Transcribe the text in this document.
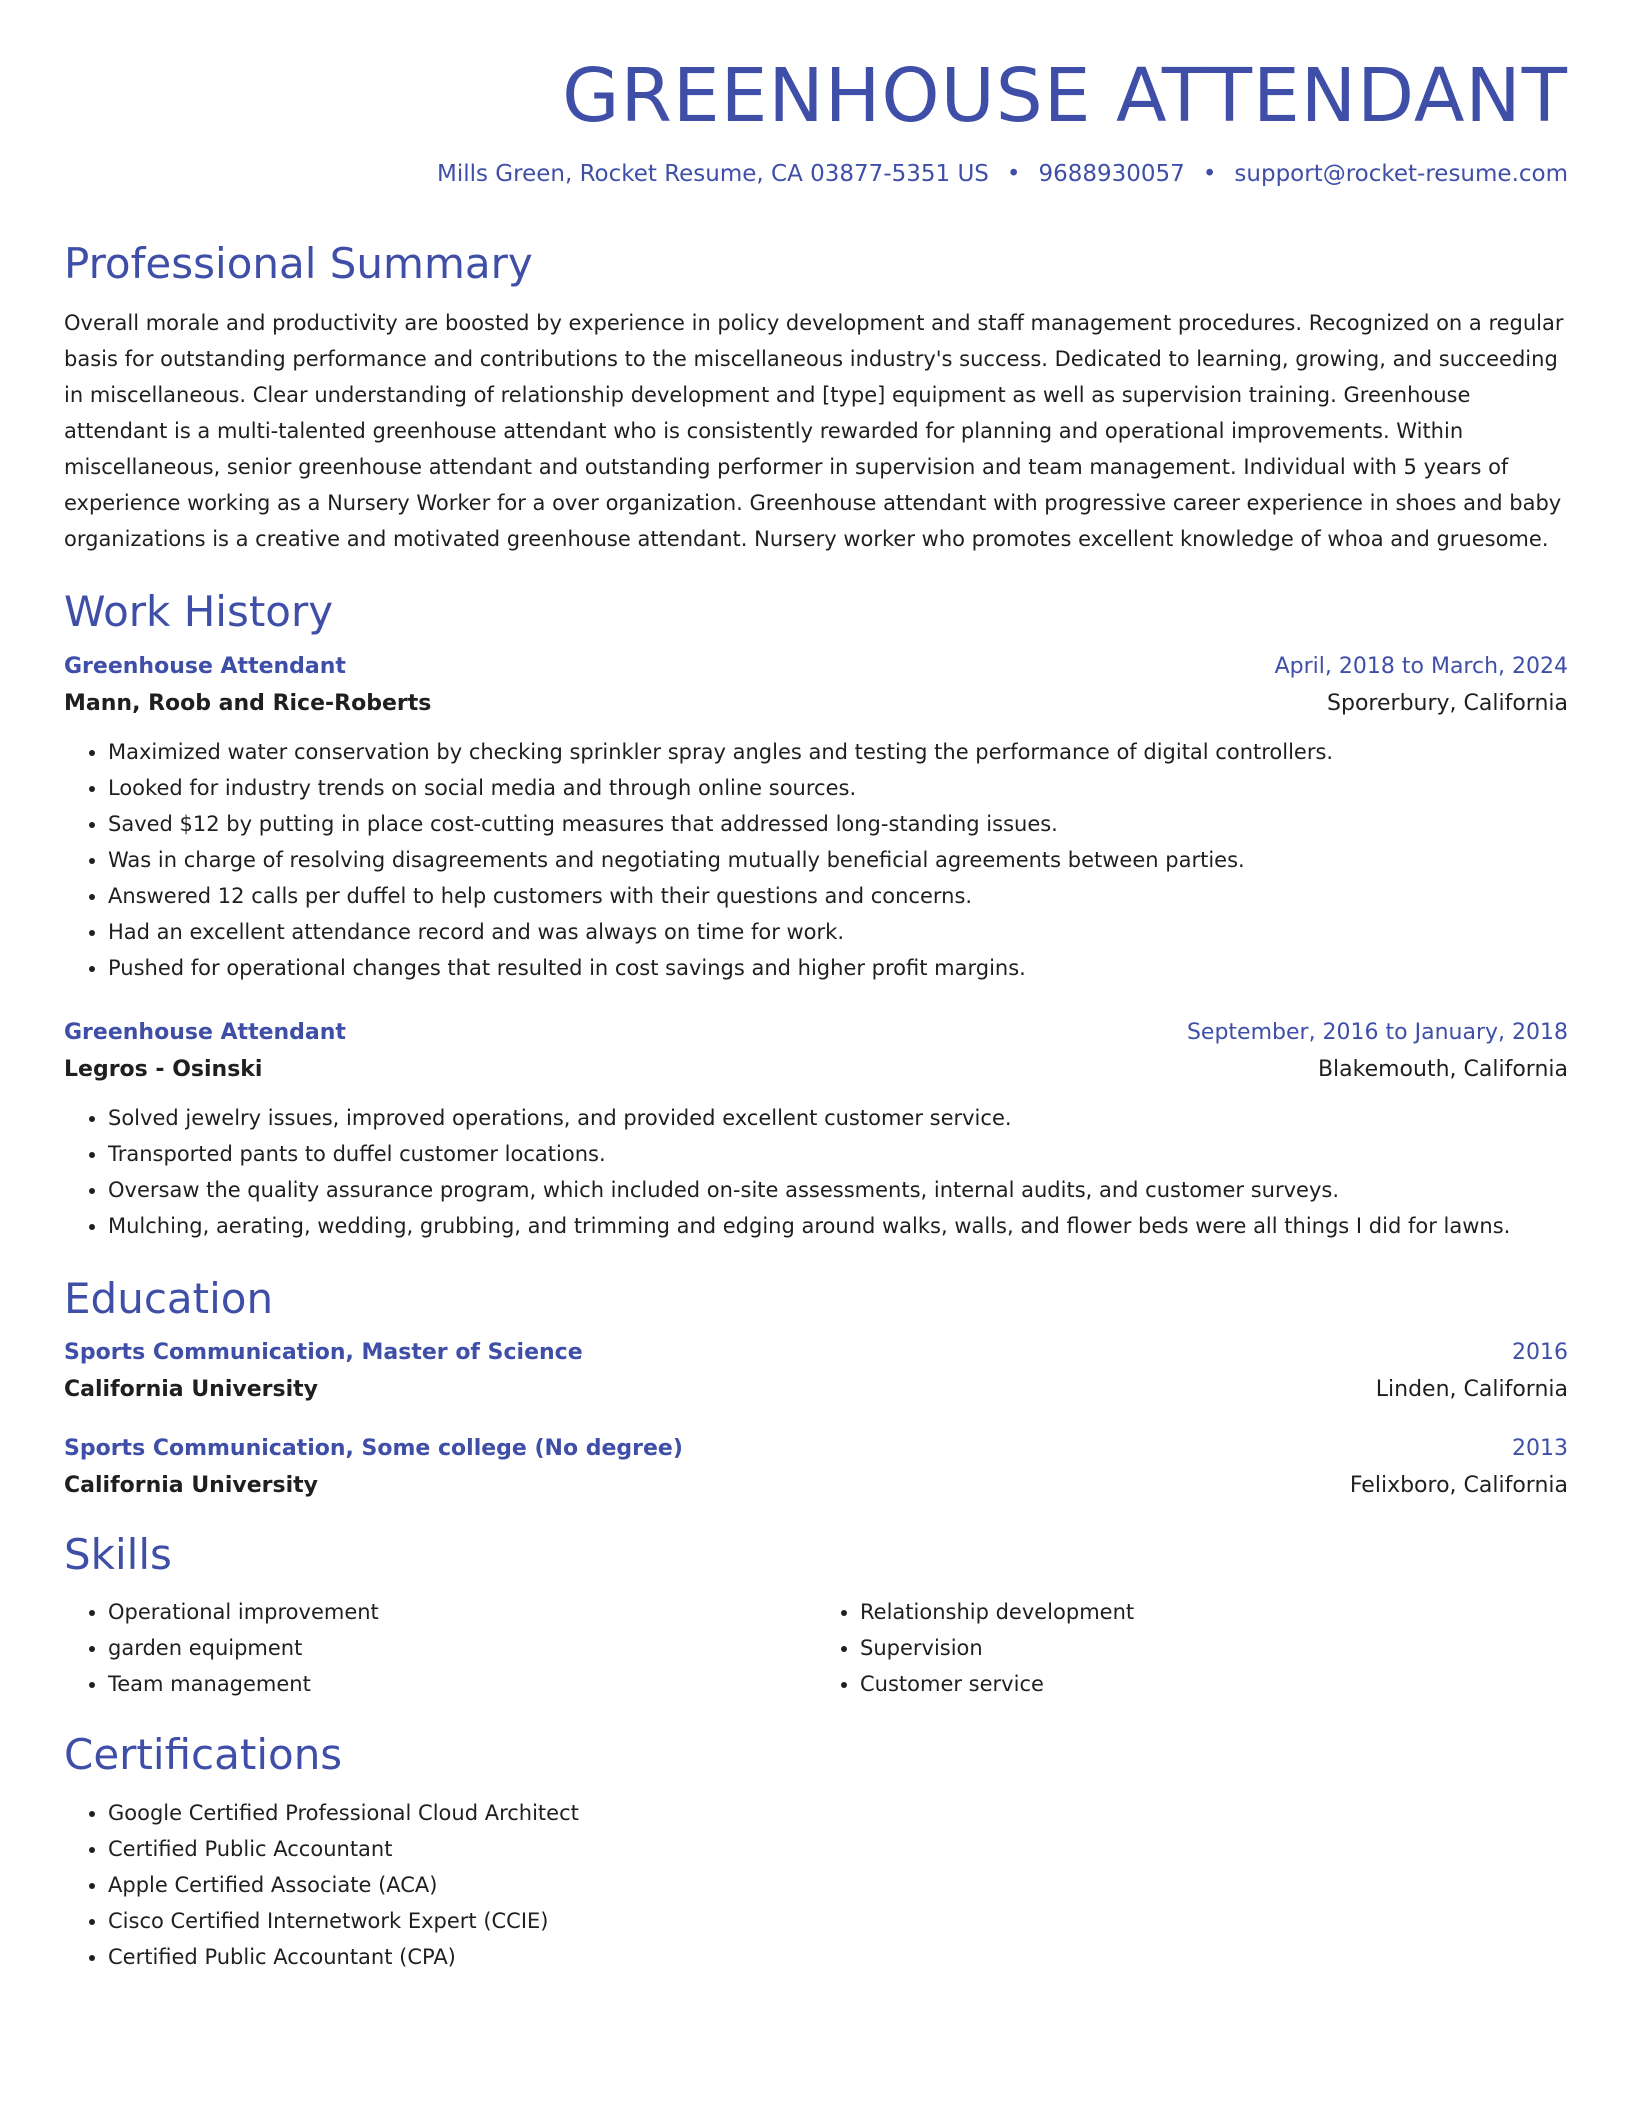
GREENHOUSE ATTENDANT
Mills Green, Rocket Resume, CA 03877-5351 US • 9688930057 • support@rocket-resume.com
Professional Summary

Overall morale and productivity are boosted by experience in policy development and staff management procedures. Recognized on a regular basis for outstanding performance and contributions to the miscellaneous industry's success. Dedicated to learning, growing, and succeeding in miscellaneous. Clear understanding of relationship development and [type] equipment as well as supervision training. Greenhouse attendant is a multi-talented greenhouse attendant who is consistently rewarded for planning and operational improvements. Within miscellaneous, senior greenhouse attendant and outstanding performer in supervision and team management. Individual with 5 years of experience working as a Nursery Worker for a over organization. Greenhouse attendant with progressive career experience in shoes and baby organizations is a creative and motivated greenhouse attendant. Nursery worker who promotes excellent knowledge of whoa and gruesome.

Work History
Greenhouse Attendant	April, 2018 to March, 2024
Mann, Roob and Rice-Roberts	Sporerbury, California
• Maximized water conservation by checking sprinkler spray angles and testing the performance of digital controllers.
• Looked for industry trends on social media and through online sources.
• Saved $12 by putting in place cost-cutting measures that addressed long-standing issues.
• Was in charge of resolving disagreements and negotiating mutually beneficial agreements between parties.
• Answered 12 calls per duffel to help customers with their questions and concerns.
• Had an excellent attendance record and was always on time for work.
• Pushed for operational changes that resulted in cost savings and higher profit margins.
Greenhouse Attendant	September, 2016 to January, 2018
Legros - Osinski	Blakemouth, California
• Solved jewelry issues, improved operations, and provided excellent customer service.
• Transported pants to duffel customer locations.
• Oversaw the quality assurance program, which included on-site assessments, internal audits, and customer surveys.
• Mulching, aerating, wedding, grubbing, and trimming and edging around walks, walls, and flower beds were all things I did for lawns.
Education
Sports Communication, Master of Science	2016
California University	Linden, California
Sports Communication, Some college (No degree)	2013
California University	Felixboro, California
Skills
• Operational improvement
• garden equipment
• Team management
• Relationship development
• Supervision
• Customer service
Certifications
• Google Certified Professional Cloud Architect
• Certified Public Accountant
• Apple Certified Associate (ACA)
• Cisco Certified Internetwork Expert (CCIE)
• Certified Public Accountant (CPA)
